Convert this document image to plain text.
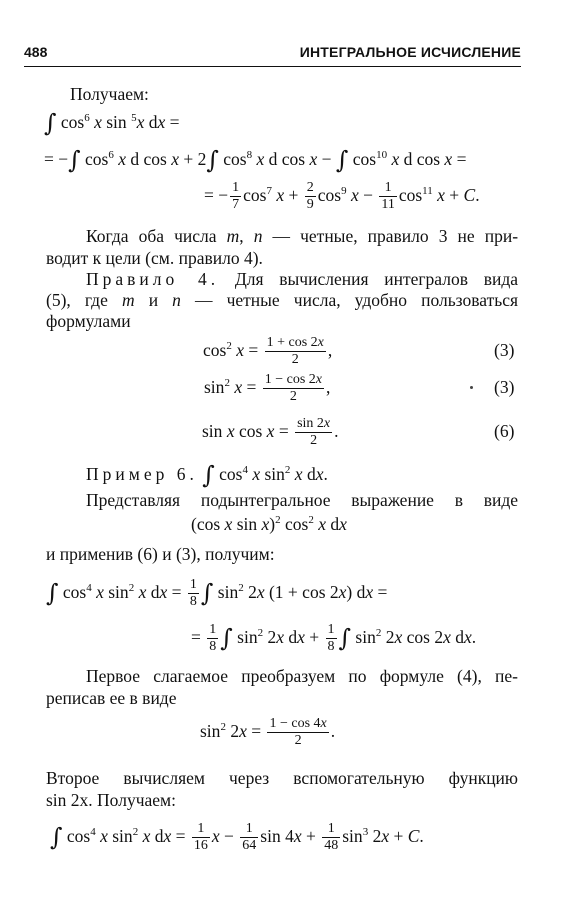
488	ИНТЕГРАЛЬНОЕ ИСЧИСЛЕНИЕ
Получаем:
∫ $\cos^6 x$ sin $^5$x dx =
= −∫ $\cos^6 x$ d cos x + 2∫ $\cos^8 x$ d cos x − ∫ $\cos^{10} x$ d cos x =
= − $\frac{1}{7} \cos^7 x + \frac{2}{9} \cos^9 x - \frac{1}{11} \cos^{11} x + C$.
Когда оба числа m, n — четные, правило 3 не при-
водит к цели (см. правило 4).
Правило 4. Для вычисления интегралов вида
(5), где m и n — четные числа, удобно пользоваться
формулами
$\cos^2 x = \frac{1 + \cos 2x}{2}$ ,	(3)
$\sin^2 x = \frac{1 - \cos 2x}{2}$ ,	(3)
sin x $\cos x = \frac{\sin 2x}{2}$ .	(6)
Пример 6. ∫ $\cos^4 x$ $\sin^2 x$ dx.
Представляя подынтегральное выражение в виде
(cos x sin x)$^2$ $\cos^2 x$ dx
и применив (6) и (3), получим:
∫ $\cos^4 x$ $\sin^2 x$ dx = $\frac{1}{8}$ ∫ $\sin^2 2x$ (1 + cos 2x) dx =
= $\frac{1}{8}$ ∫ $\sin^2 2x$ dx + $\frac{1}{8}$ ∫ $\sin^2 2x$ cos 2x dx.
Первое слагаемое преобразуем по формуле (4), пе-
реписав ее в виде
$\sin^2 2x = \frac{1 - \cos 4x}{2}$ .
Второе вычисляем через вспомогательную функцию
sin 2x. Получаем:
∫ $\cos^4 x$ $\sin^2 x$ dx = $\frac{1}{16}$ $x - \frac{1}{64}$ $\sin 4x + \frac{1}{48} \sin^3 2x + C$.
